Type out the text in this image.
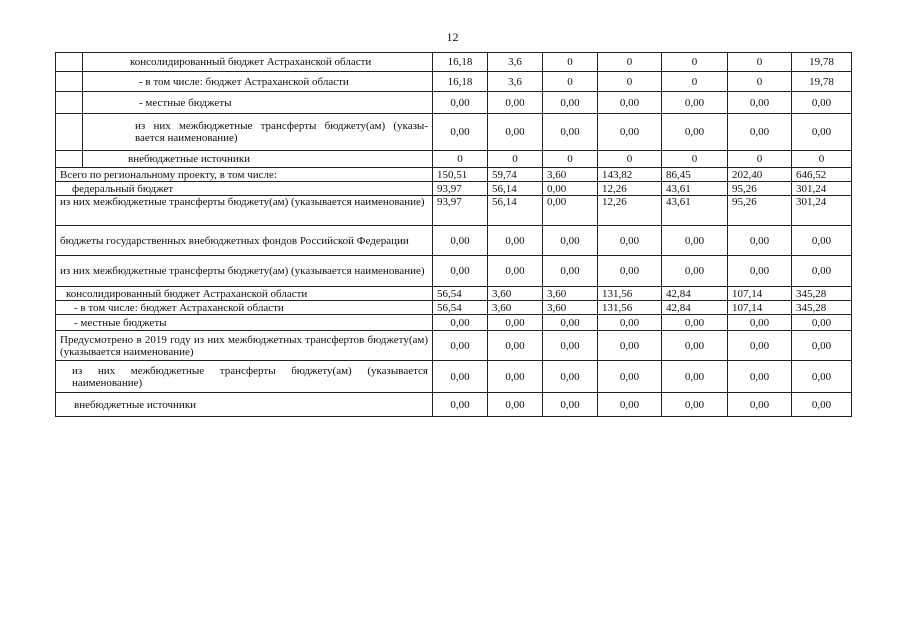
12
	консолидированный бюджет Астраханской области	16,18	3,6	0	0	0	0	19,78
	- в том числе: бюджет Астраханской области	16,18	3,6	0	0	0	0	19,78
	- местные бюджеты	0,00	0,00	0,00	0,00	0,00	0,00	0,00
	из них межбюджетные трансферты бюджету(ам) (указы-вается наименование)	0,00	0,00	0,00	0,00	0,00	0,00	0,00
	внебюджетные источники	0	0	0	0	0	0	0
Всего по региональному проекту, в том числе:		150,51	59,74	3,60	143,82	86,45	202,40	646,52
федеральный бюджет		93,97	56,14	0,00	12,26	43,61	95,26	301,24
из них межбюджетные трансферты бюджету(ам) (указывается наименование)		93,97	56,14	0,00	12,26	43,61	95,26	301,24
бюджеты государственных внебюджетных фондов Российской Федерации		0,00	0,00	0,00	0,00	0,00	0,00	0,00
из них межбюджетные трансферты бюджету(ам) (указывается наименование)		0,00	0,00	0,00	0,00	0,00	0,00	0,00
консолидированный бюджет Астраханской области		56,54	3,60	3,60	131,56	42,84	107,14	345,28
- в том числе: бюджет Астраханской области		56,54	3,60	3,60	131,56	42,84	107,14	345,28
- местные бюджеты		0,00	0,00	0,00	0,00	0,00	0,00	0,00
Предусмотрено в 2019 году из них межбюджетных трансфертов бюджету(ам) (указывается наименование)		0,00	0,00	0,00	0,00	0,00	0,00	0,00
из них межбюджетные трансферты бюджету(ам) (указывается наименование)		0,00	0,00	0,00	0,00	0,00	0,00	0,00
внебюджетные источники		0,00	0,00	0,00	0,00	0,00	0,00	0,00
